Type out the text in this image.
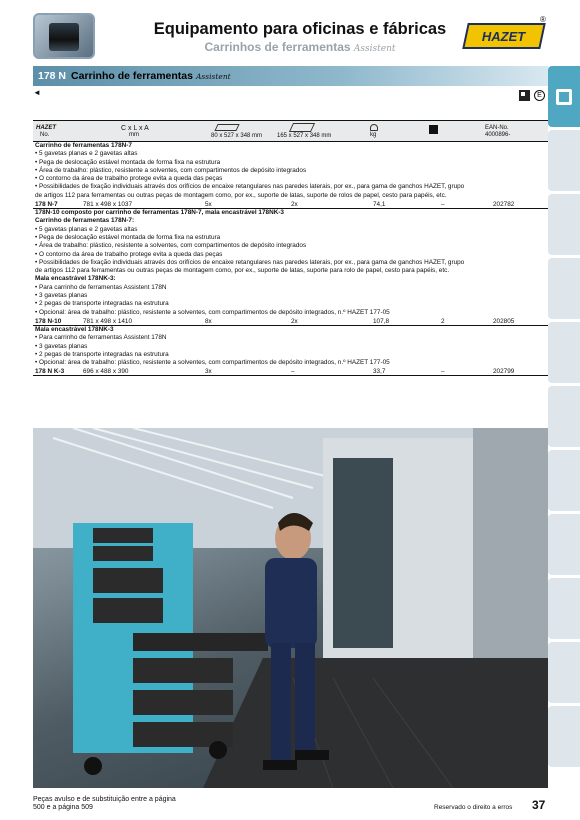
Equipamento para oficinas e fábricas
Carrinhos de ferramentas Assistent
HAZET
®
178 N Carrinho de ferramentas Assistent
◄	E
HAZET
No.
C x L x A
mm	80 x 527 x 348 mm 165 x 527 x 348 mm	kg
EAN-No.
4000896-
Carrinho de ferramentas 178N-7
• 5 gavetas planas e 2 gavetas altas
• Pega de deslocação estável montada de forma fixa na estrutura
• Área de trabalho: plástico, resistente a solventes, com compartimentos de depósito integrados
• O contorno da área de trabalho protege evita a queda das peças
• Possibilidades de fixação individuais através dos orifícios de encaixe retangulares nas paredes laterais, por ex., para gama de ganchos HAZET, grupo
de artigos 112 para ferramentas ou outras peças de montagem como, por ex., suporte de latas, suporte de rolos de papel, cesto para papéis, etc.
178 N-7	781 x 498 x 1037	5x	2x	74,1	–	202782
178N-10 composto por carrinho de ferramentas 178N-7, mala encastrável 178NK-3
Carrinho de ferramentas 178N-7:
• 5 gavetas planas e 2 gavetas altas
• Pega de deslocação estável montada de forma fixa na estrutura
• Área de trabalho: plástico, resistente a solventes, com compartimentos de depósito integrados
• O contorno da área de trabalho protege evita a queda das peças
• Possibilidades de fixação individuais através dos orifícios de encaixe retangulares nas paredes laterais, por ex., para gama de ganchos HAZET, grupo
de artigos 112 para ferramentas ou outras peças de montagem como, por ex., suporte de latas, suporte para rolo de papel, cesto para papéis, etc.
Mala encastrável 178NK-3:
• Para carrinho de ferramentas Assistent 178N
• 3 gavetas planas
• 2 pegas de transporte integradas na estrutura
• Opcional: área de trabalho: plástico, resistente a solventes, com compartimentos de depósito integrados, n.º HAZET 177-05
178 N-10	781 x 498 x 1410	8x	2x	107,8	2	202805
Mala encastrável 178NK-3
• Para carrinho de ferramentas Assistent 178N
• 3 gavetas planas
• 2 pegas de transporte integradas na estrutura
• Opcional: área de trabalho: plástico, resistente a solventes, com compartimentos de depósito integrados, n.º HAZET 177-05
178 N K-3	696 x 488 x 390	3x	–	33,7	–	202799
Peças avulso e de substituição entre a página
500 e a página 509	Reservado o direito a erros 37
